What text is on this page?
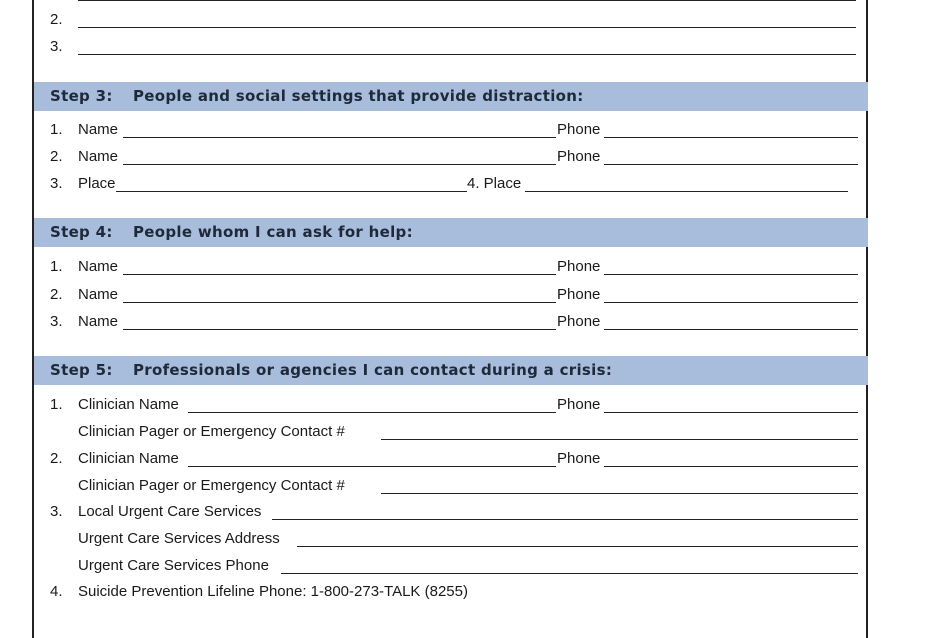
2.
3.
Step 3: People and social settings that provide distraction:
1. Name	Phone
2. Name	Phone
3. Place	4. Place
Step 4: People whom I can ask for help:
1. Name	Phone
2. Name	Phone
3. Name	Phone
Step 5: Professionals or agencies I can contact during a crisis:
1. Clinician Name	Phone
Clinician Pager or Emergency Contact #
2. Clinician Name	Phone
Clinician Pager or Emergency Contact #
3. Local Urgent Care Services
Urgent Care Services Address
Urgent Care Services Phone
4. Suicide Prevention Lifeline Phone: 1-800-273-TALK (8255)
